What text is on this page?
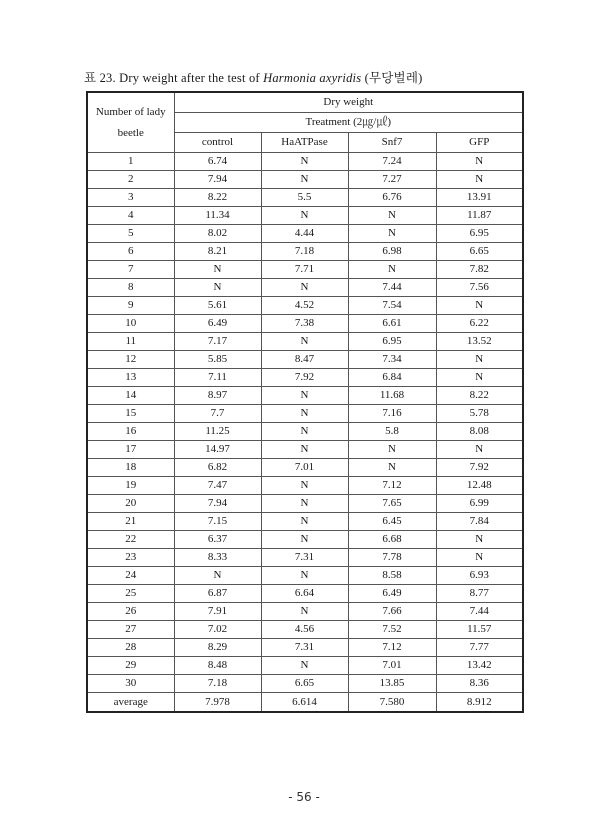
표 23. Dry weight after the test of Harmonia axyridis (무당벌레)
Number of lady beetle	Dry weight			
	Treatment (2㎍/㎕)			
	control	HaATPase	Snf7	GFP
1	6.74	N	7.24	N
2	7.94	N	7.27	N
3	8.22	5.5	6.76	13.91
4	11.34	N	N	11.87
5	8.02	4.44	N	6.95
6	8.21	7.18	6.98	6.65
7	N	7.71	N	7.82
8	N	N	7.44	7.56
9	5.61	4.52	7.54	N
10	6.49	7.38	6.61	6.22
11	7.17	N	6.95	13.52
12	5.85	8.47	7.34	N
13	7.11	7.92	6.84	N
14	8.97	N	11.68	8.22
15	7.7	N	7.16	5.78
16	11.25	N	5.8	8.08
17	14.97	N	N	N
18	6.82	7.01	N	7.92
19	7.47	N	7.12	12.48
20	7.94	N	7.65	6.99
21	7.15	N	6.45	7.84
22	6.37	N	6.68	N
23	8.33	7.31	7.78	N
24	N	N	8.58	6.93
25	6.87	6.64	6.49	8.77
26	7.91	N	7.66	7.44
27	7.02	4.56	7.52	11.57
28	8.29	7.31	7.12	7.77
29	8.48	N	7.01	13.42
30	7.18	6.65	13.85	8.36
average	7.978	6.614	7.580	8.912
- 56 -
